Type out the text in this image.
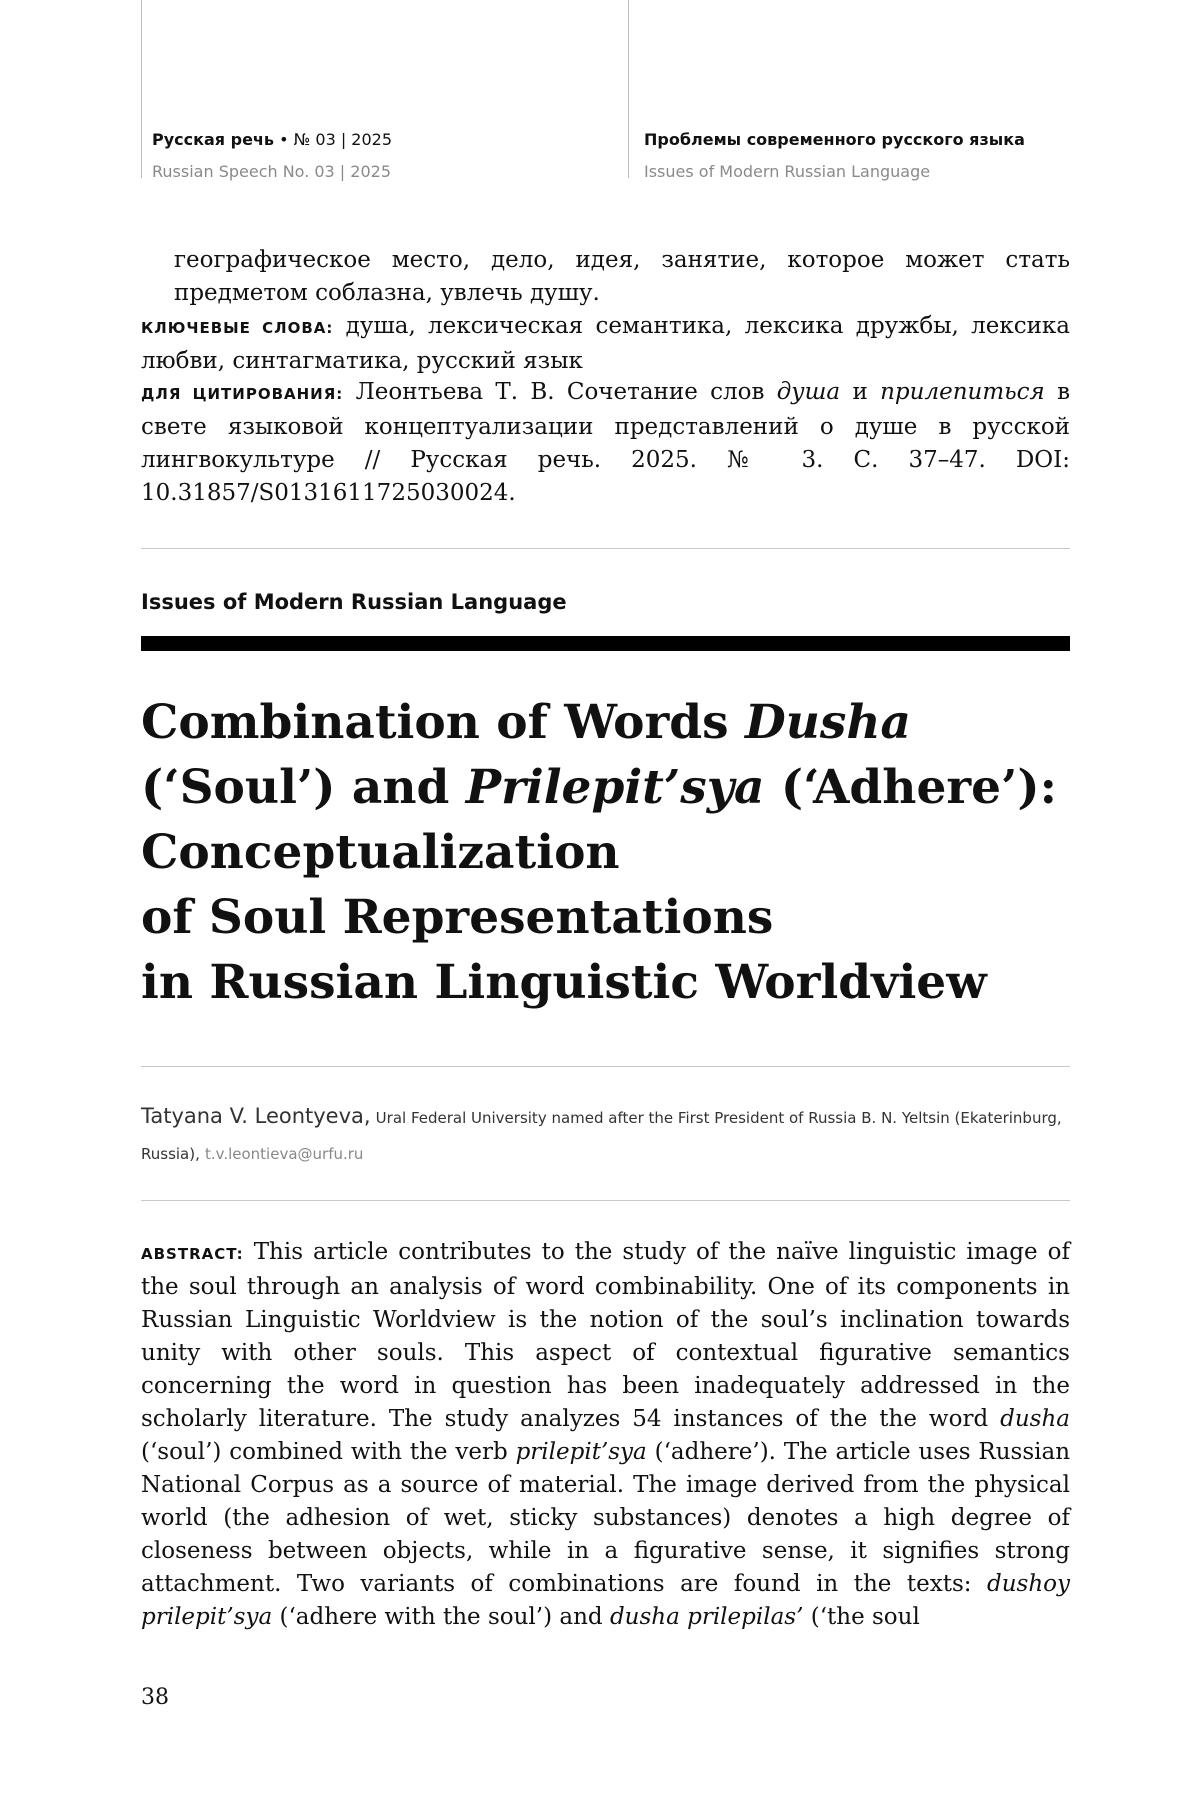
Русская речь • № 03 | 2025
Russian Speech No. 03 | 2025
Проблемы современного русского языка
Issues of Modern Russian Language
географическое место, дело, идея, занятие, которое может стать предметом соблазна, увлечь душу.
КЛЮЧЕВЫЕ СЛОВА: душа, лексическая семантика, лексика дружбы, лексика любви, синтагматика, русский язык
ДЛЯ ЦИТИРОВАНИЯ: Леонтьева Т. В. Сочетание слов душа и прилепиться в свете языковой концептуализации представлений о душе в русской лингвокультуре // Русская речь. 2025. № 3. С. 37–47. DOI: 10.31857/S0131611725030024.
Issues of Modern Russian Language
Combination of Words Dusha
(‘Soul’) and Prilepit’sya (‘Adhere’):
Conceptualization
of Soul Representations
in Russian Linguistic Worldview
Tatyana V. Leontyeva, Ural Federal University named after the First President of Russia B. N. Yeltsin (Ekaterinburg, Russia), t.v.leontieva@urfu.ru
ABSTRACT: This article contributes to the study of the naïve linguistic image of the soul through an analysis of word combinability. One of its components in Russian Linguistic Worldview is the notion of the soul’s inclination towards unity with other souls. This aspect of contextual figurative semantics concerning the word in question has been inadequately addressed in the scholarly literature. The study analyzes 54 instances of the the word dusha (‘soul’) combined with the verb prilepit’sya (‘adhere’). The article uses Russian National Corpus as a source of material. The image derived from the physical world (the adhesion of wet, sticky substances) denotes a high degree of closeness between objects, while in a figurative sense, it signifies strong attachment. Two variants of combinations are found in the texts: dushoy prilepit’sya (‘adhere with the soul’) and dusha prilepilas’ (‘the soul
38
